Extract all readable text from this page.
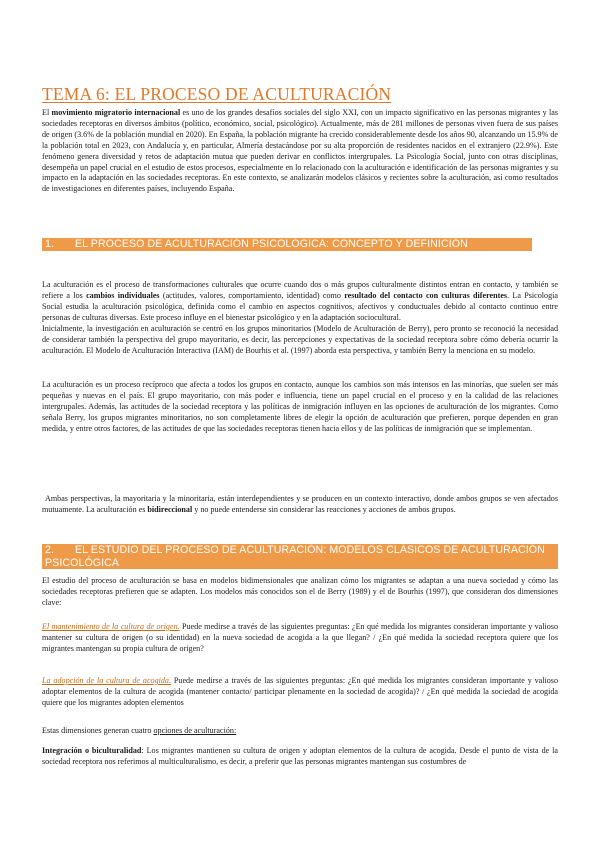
TEMA 6: EL PROCESO DE ACULTURACIÓN

El movimiento migratorio internacional es uno de los grandes desafíos sociales del siglo XXI, con un impacto significativo en las personas migrantes y las sociedades receptoras en diversos ámbitos (político, económico, social, psicológico). Actualmente, más de 281 millones de personas viven fuera de sus países de origen (3.6% de la población mundial en 2020). En España, la población migrante ha crecido considerablemente desde los años 90, alcanzando un 15.9% de la población total en 2023, con Andalucía y, en particular, Almería destacándose por su alta proporción de residentes nacidos en el extranjero (22.9%). Este fenómeno genera diversidad y retos de adaptación mutua que pueden derivar en conflictos intergrupales. La Psicología Social, junto con otras disciplinas, desempeña un papel crucial en el estudio de estos procesos, especialmente en lo relacionado con la aculturación e identificación de las personas migrantes y su impacto en la adaptación en las sociedades receptoras. En este contexto, se analizarán modelos clásicos y recientes sobre la aculturación, así como resultados de investigaciones en diferentes países, incluyendo España.

1. EL PROCESO DE ACULTURACIÓN PSICOLÓGICA: CONCEPTO Y DEFINICIÓN

La aculturación es el proceso de transformaciones culturales que ocurre cuando dos o más grupos culturalmente distintos entran en contacto, y también se refiere a los cambios individuales (actitudes, valores, comportamiento, identidad) como resultado del contacto con culturas diferentes. La Psicología Social estudia la aculturación psicológica, definida como el cambio en aspectos cognitivos, afectivos y conductuales debido al contacto continuo entre personas de culturas diversas. Este proceso influye en el bienestar psicológico y en la adaptación sociocultural.

Inicialmente, la investigación en aculturación se centró en los grupos minoritarios (Modelo de Aculturación de Berry), pero pronto se reconoció la necesidad de considerar también la perspectiva del grupo mayoritario, es decir, las percepciones y expectativas de la sociedad receptora sobre cómo debería ocurrir la aculturación. El Modelo de Aculturación Interactiva (IAM) de Bourhis et al. (1997) aborda esta perspectiva, y también Berry la menciona en su modelo.

La aculturación es un proceso recíproco que afecta a todos los grupos en contacto, aunque los cambios son más intensos en las minorías, que suelen ser más pequeñas y nuevas en el país. El grupo mayoritario, con más poder e influencia, tiene un papel crucial en el proceso y en la calidad de las relaciones intergrupales. Además, las actitudes de la sociedad receptora y las políticas de inmigración influyen en las opciones de aculturación de los migrantes. Como señala Berry, los grupos migrantes minoritarios, no son completamente libres de elegir la opción de aculturación que prefieren, porque dependen en gran medida, y entre otros factores, de las actitudes de que las sociedades receptoras tienen hacia ellos y de las políticas de inmigración que se implementan.

Ambas perspectivas, la mayoritaria y la minoritaria, están interdependientes y se producen en un contexto interactivo, donde ambos grupos se ven afectados mutuamente. La aculturación es bidireccional y no puede entenderse sin considerar las reacciones y acciones de ambos grupos.

2. EL ESTUDIO DEL PROCESO DE ACULTURACIÓN: MODELOS CLÁSICOS DE ACULTURACIÓN PSICOLÓGICA

El estudio del proceso de aculturación se basa en modelos bidimensionales que analizan cómo los migrantes se adaptan a una nueva sociedad y cómo las sociedades receptoras prefieren que se adapten. Los modelos más conocidos son el de Berry (1989) y el de Bourhis (1997), que consideran dos dimensiones clave:

El mantenimiento de la cultura de origen. Puede medirse a través de las siguientes preguntas: ¿En qué medida los migrantes consideran importante y valioso mantener su cultura de origen (o su identidad) en la nueva sociedad de acogida a la que llegan? / ¿En qué medida la sociedad receptora quiere que los migrantes mantengan su propia cultura de origen?

La adopción de la cultura de acogida. Puede medirse a través de las siguientes preguntas: ¿En qué medida los migrantes consideran importante y valioso adoptar elementos de la cultura de acogida (mantener contacto/ participar plenamente en la sociedad de acogida)? / ¿En qué medida la sociedad de acogida quiere que los migrantes adopten elementos

Estas dimensiones generan cuatro opciones de aculturación:

Integración o biculturalidad: Los migrantes mantienen su cultura de origen y adoptan elementos de la cultura de acogida. Desde el punto de vista de la sociedad receptora nos referimos al multiculturalismo, es decir, a preferir que las personas migrantes mantengan sus costumbres de
